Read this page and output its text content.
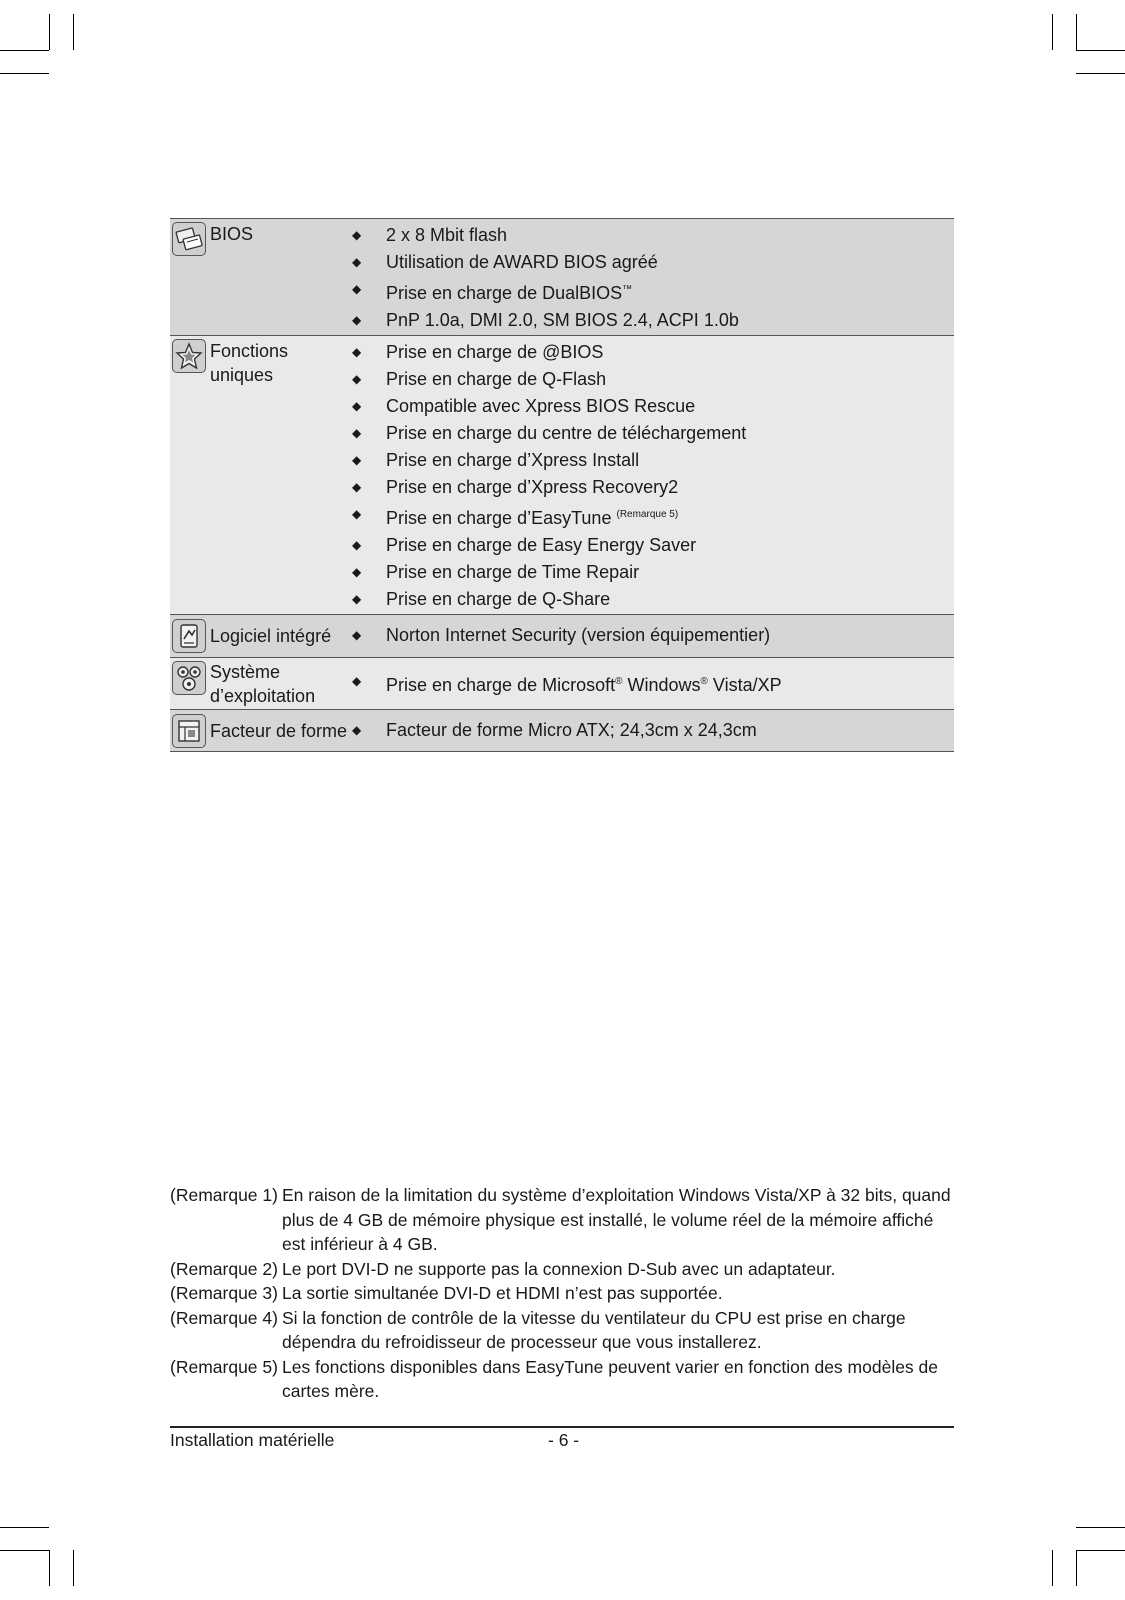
BIOS	◆	2 x 8 Mbit flash
◆	Utilisation de AWARD BIOS agréé
◆	Prise en charge de DualBIOS™
◆	PnP 1.0a, DMI 2.0, SM BIOS 2.4, ACPI 1.0b
Fonctions uniques
◆	Prise en charge de @BIOS
◆	Prise en charge de Q-Flash
◆	Compatible avec Xpress BIOS Rescue
◆	Prise en charge du centre de téléchargement
◆	Prise en charge d’Xpress Install
◆	Prise en charge d’Xpress Recovery2
◆	Prise en charge d’EasyTune $^{(Remarque 5)}$
◆	Prise en charge de Easy Energy Saver
◆	Prise en charge de Time Repair
◆	Prise en charge de Q-Share
Logiciel intégré	◆	Norton Internet Security (version équipementier)
Système
d’exploitation
◆	Prise en charge de Microsoft® Windows® Vista/XP
Facteur de forme ◆	Facteur de forme Micro ATX; 24,3cm x 24,3cm
(Remarque 1) En raison de la limitation du système d’exploitation Windows Vista/XP à 32 bits, quand plus de 4 GB de mémoire physique est installé, le volume réel de la mémoire affiché est inférieur à 4 GB.
(Remarque 2) Le port DVI-D ne supporte pas la connexion D-Sub avec un adaptateur.
(Remarque 3) La sortie simultanée DVI-D et HDMI n’est pas supportée.
(Remarque 4) Si la fonction de contrôle de la vitesse du ventilateur du CPU est prise en charge dépendra du refroidisseur de processeur que vous installerez.
(Remarque 5) Les fonctions disponibles dans EasyTune peuvent varier en fonction des modèles de cartes mère.
Installation matérielle	- 6 -
